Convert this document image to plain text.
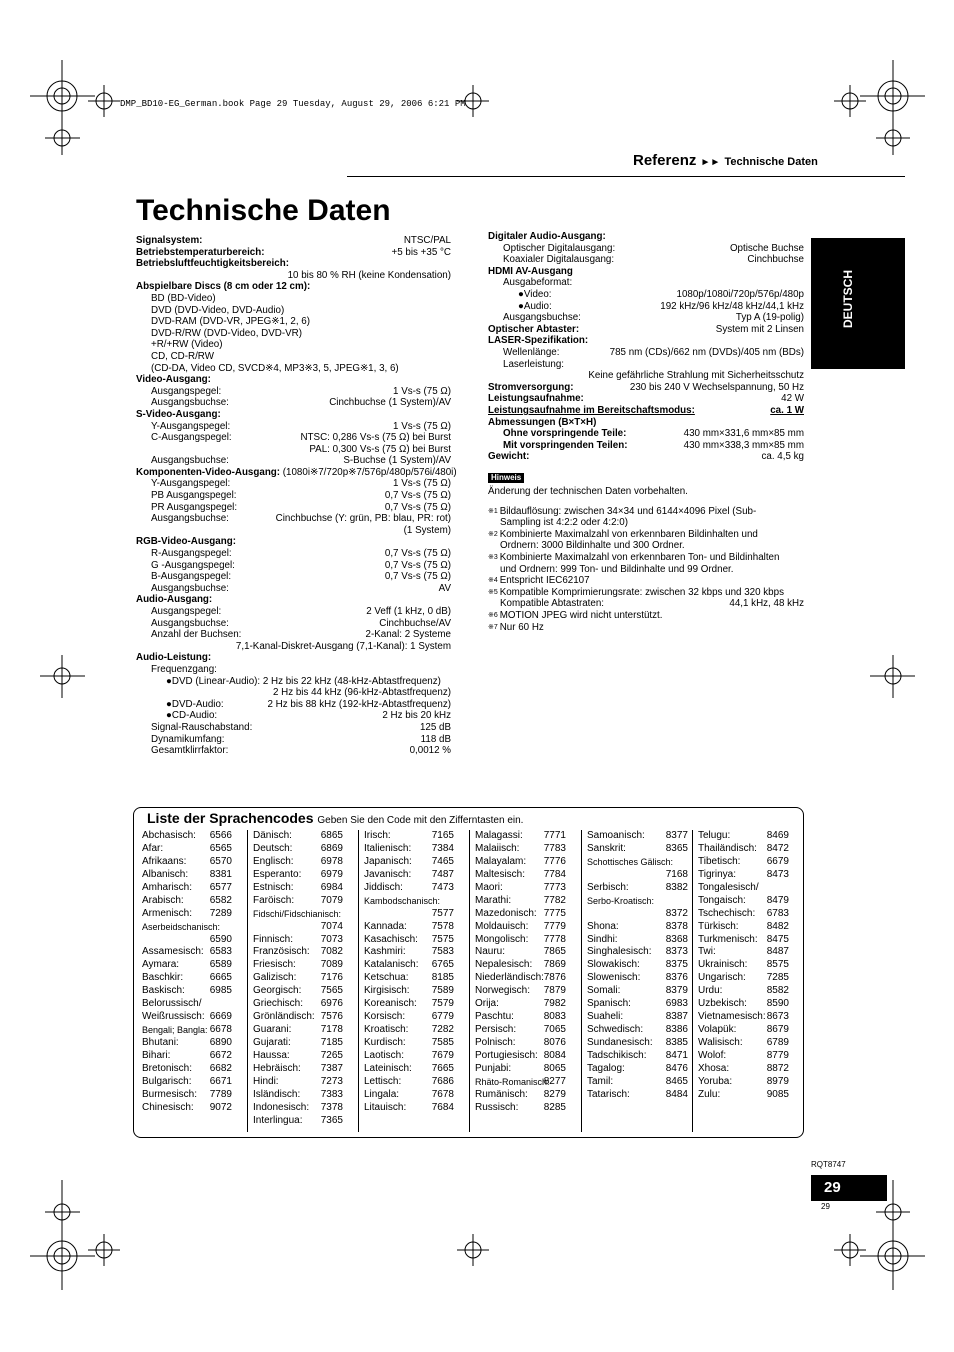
DMP_BD10-EG_German.book Page 29 Tuesday, August 29, 2006 6:21 PM
Referenz ►► Technische Daten
Technische Daten
DEUTSCH
Signalsystem:	NTSC/PAL
Betriebstemperaturbereich:	+5 bis +35 °C
Betriebsluftfeuchtigkeitsbereich:
10 bis 80 % RH (keine Kondensation)
Abspielbare Discs (8 cm oder 12 cm):
BD (BD-Video)
DVD (DVD-Video, DVD-Audio)
DVD-RAM (DVD-VR, JPEG※1, 2, 6)
DVD-R/RW (DVD-Video, DVD-VR)
+R/+RW (Video)
CD, CD-R/RW
(CD-DA, Video CD, SVCD※4, MP3※3, 5, JPEG※1, 3, 6)
Video-Ausgang:
Ausgangspegel:	1 Vs-s (75 Ω)
Ausgangsbuchse:	Cinchbuchse (1 System)/AV
S-Video-Ausgang:
Y-Ausgangspegel:	1 Vs-s (75 Ω)
C-Ausgangspegel:	NTSC: 0,286 Vs-s (75 Ω) bei Burst
PAL: 0,300 Vs-s (75 Ω) bei Burst
Ausgangsbuchse:	S-Buchse (1 System)/AV
Komponenten-Video-Ausgang: (1080i※7/720p※7/576p/480p/576i/480i)
Y-Ausgangspegel:	1 Vs-s (75 Ω)
PB Ausgangspegel:	0,7 Vs-s (75 Ω)
PR Ausgangspegel:	0,7 Vs-s (75 Ω)
Ausgangsbuchse:	Cinchbuchse (Y: grün, PB: blau, PR: rot)
(1 System)
RGB-Video-Ausgang:
R-Ausgangspegel:	0,7 Vs-s (75 Ω)
G -Ausgangspegel:	0,7 Vs-s (75 Ω)
B-Ausgangspegel:	0,7 Vs-s (75 Ω)
Ausgangsbuchse:	AV
Audio-Ausgang:
Ausgangspegel:	2 Veff (1 kHz, 0 dB)
Ausgangsbuchse:	Cinchbuchse/AV
Anzahl der Buchsen:	2-Kanal: 2 Systeme
7,1-Kanal-Diskret-Ausgang (7,1-Kanal): 1 System
Audio-Leistung:
Frequenzgang:
●DVD (Linear-Audio): 2 Hz bis 22 kHz (48-kHz-Abtastfrequenz)
2 Hz bis 44 kHz (96-kHz-Abtastfrequenz)
●DVD-Audio:	2 Hz bis 88 kHz (192-kHz-Abtastfrequenz)
●CD-Audio:	2 Hz bis 20 kHz
Signal-Rauschabstand:	125 dB
Dynamikumfang:	118 dB
Gesamtklirrfaktor:	0,0012 %
Digitaler Audio-Ausgang:
Optischer Digitalausgang:	Optische Buchse
Koaxialer Digitalausgang:	Cinchbuchse
HDMI AV-Ausgang
Ausgabeformat:
●Video:	1080p/1080i/720p/576p/480p
●Audio:	192 kHz/96 kHz/48 kHz/44,1 kHz
Ausgangsbuchse:	Typ A (19-polig)
Optischer Abtaster:	System mit 2 Linsen
LASER-Spezifikation:
Wellenlänge:	785 nm (CDs)/662 nm (DVDs)/405 nm (BDs)
Laserleistung:
Keine gefährliche Strahlung mit Sicherheitsschutz
Stromversorgung:	230 bis 240 V Wechselspannung, 50 Hz
Leistungsaufnahme:	42 W
Leistungsaufnahme im Bereitschaftsmodus:	ca. 1 W
Abmessungen (B×T×H)
Ohne vorspringende Teile:	430 mm×331,6 mm×85 mm
Mit vorspringenden Teilen:	430 mm×338,3 mm×85 mm
Gewicht:	ca. 4,5 kg
Hinweis
Änderung der technischen Daten vorbehalten.
$^{※1}$ Bildauflösung: zwischen 34×34 und 6144×4096 Pixel (Sub-
Sampling ist 4:2:2 oder 4:2:0)
$^{※2}$ Kombinierte Maximalzahl von erkennbaren Bildinhalten und
Ordnern: 3000 Bildinhalte und 300 Ordner.
$^{※3}$ Kombinierte Maximalzahl von erkennbaren Ton- und Bildinhalten
und Ordnern: 999 Ton- und Bildinhalte und 99 Ordner.
$^{※4}$ Entspricht IEC62107
$^{※5}$ Kompatible Komprimierungsrate: zwischen 32 kbps und 320 kbps
Kompatible Abtastraten:	44,1 kHz, 48 kHz
$^{※6}$ MOTION JPEG wird nicht unterstützt.
$^{※7}$ Nur 60 Hz
Liste der Sprachencodes Geben Sie den Code mit den Zifferntasten ein.
Abchasisch: 6566
Afar:	6565
Afrikaans: 6570
Albanisch: 8381
Amharisch: 6577
Arabisch:	6582
Armenisch: 7289
Aserbeidschanisch:
6590
Assamesisch: 6583
Aymara:	6589
Baschkir:	6665
Baskisch: 6985
Belorussisch/
Weißrussisch: 6669
Bengali; Bangla: 6678
Bhutani:	6890
Bihari:	6672
Bretonisch: 6682
Bulgarisch: 6671
Burmesisch: 7789
Chinesisch: 9072
Dänisch:	6865
Deutsch:	6869
Englisch:	6978
Esperanto: 6979
Estnisch:	6984
Faröisch:	7079
Fidschi/Fidschianisch:
7074
Finnisch:	7073
Französisch: 7082
Friesisch: 7089
Galizisch: 7176
Georgisch: 7565
Griechisch: 6976
Grönländisch: 7576
Guarani:	7178
Gujarati:	7185
Haussa:	7265
Hebräisch: 7387
Hindi:	7273
Isländisch: 7383
Indonesisch: 7378
Interlingua: 7365
Irisch:	7165
Italienisch: 7384
Japanisch: 7465
Javanisch: 7487
Jiddisch:	7473
Kambodschanisch:
7577
Kannada: 7578
Kasachisch: 7575
Kashmiri:	7583
Katalanisch: 6765
Ketschua: 8185
Kirgisisch: 7589
Koreanisch: 7579
Korsisch:	6779
Kroatisch: 7282
Kurdisch:	7585
Laotisch:	7679
Lateinisch: 7665
Lettisch:	7686
Lingala:	7678
Litauisch:	7684
Malagassi: 7771
Malaiisch: 7783
Malayalam: 7776
Maltesisch: 7784
Maori:	7773
Marathi:	7782
Mazedonisch: 7775
Moldauisch: 7779
Mongolisch: 7778
Nauru:	7865
Nepalesisch: 7869
Niederländisch: 7876
Norwegisch: 7879
Orija:	7982
Paschtu:	8083
Persisch:	7065
Polnisch:	8076
Portugiesisch: 8084
Punjabi:	8065
Rhäto-Romanisch:
8277
Rumänisch: 8279
Russisch:	8285
Samoanisch: 8377
Sanskrit:	8365
Schottisches Gälisch:
7168
Serbisch:	8382
Serbo-Kroatisch:
8372
Shona:	8378
Sindhi:	8368
Singhalesisch: 8373
Slowakisch:	8375
Slowenisch:	8376
Somali:	8379
Spanisch:	6983
Suaheli:	8387
Schwedisch: 8386
Sundanesisch: 8385
Tadschikisch: 8471
Tagalog:	8476
Tamil:	8465
Tatarisch:	8484
Telugu:	8469
Thailändisch: 8472
Tibetisch:	6679
Tigrinya:	8473
Tongalesisch/
Tongaisch: 8479
Tschechisch: 6783
Türkisch:	8482
Turkmenisch: 8475
Twi:	8487
Ukrainisch: 8575
Ungarisch: 7285
Urdu:	8582
Uzbekisch: 8590
Vietnamesisch: 8673
Volapük:	8679
Walisisch: 6789
Wolof:	8779
Xhosa:	8872
Yoruba:	8979
Zulu:	9085
RQT8747
29
29
